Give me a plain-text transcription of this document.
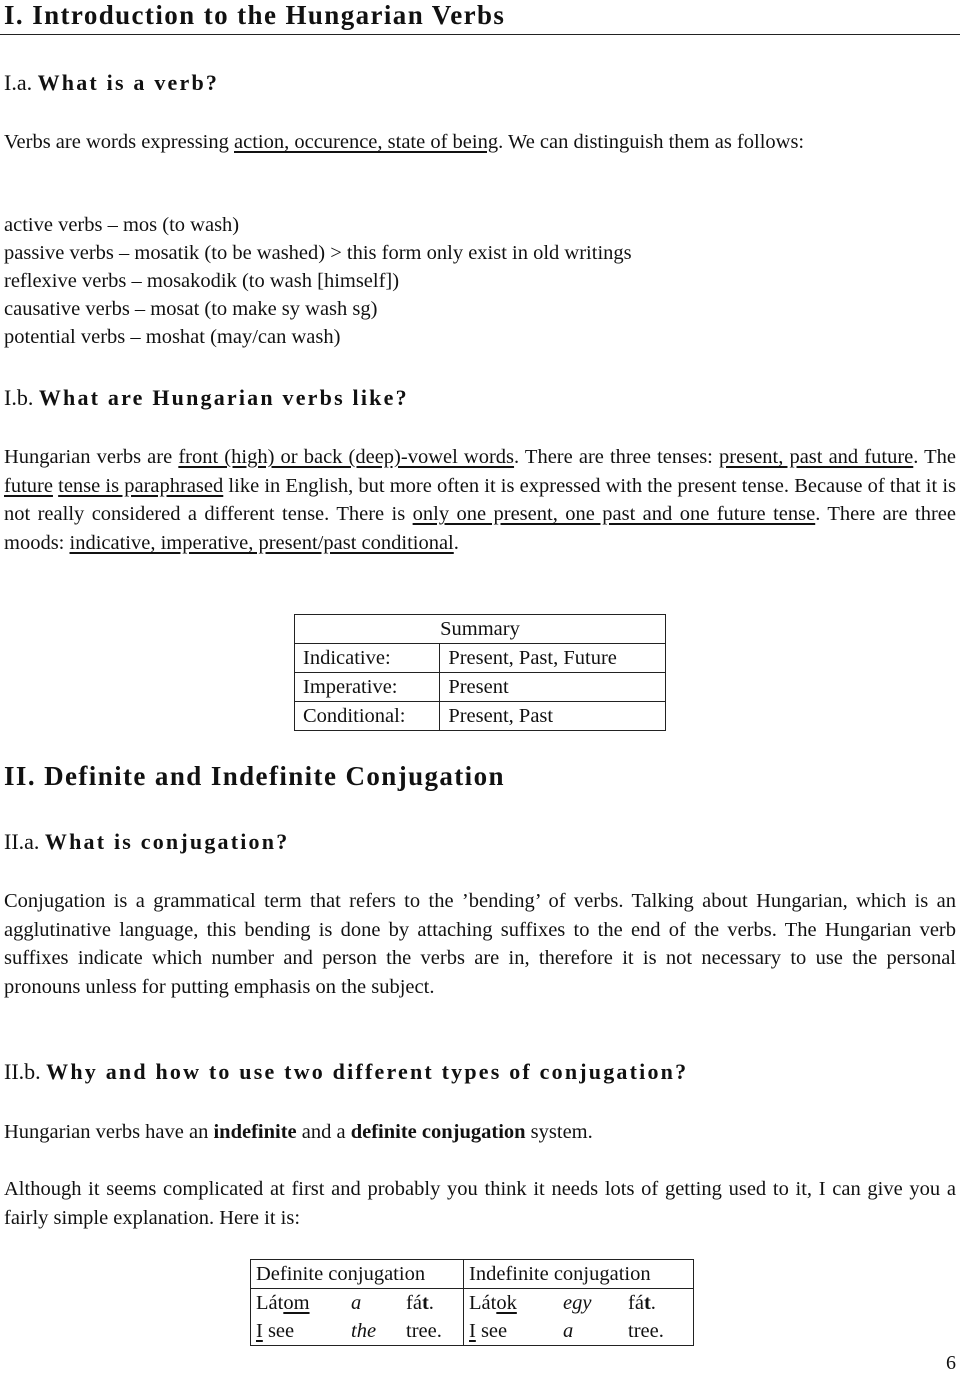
I. Introduction to the Hungarian Verbs
I.a. What is a verb?
Verbs are words expressing action, occurence, state of being. We can distinguish them as follows:
active verbs – mos (to wash)
passive verbs – mosatik (to be washed) > this form only exist in old writings
reflexive verbs – mosakodik (to wash [himself])
causative verbs – mosat (to make sy wash sg)
potential verbs – moshat (may/can wash)
I.b. What are Hungarian verbs like?
Hungarian verbs are front (high) or back (deep)-vowel words. There are three tenses: present, past and future. The future tense is paraphrased like in English, but more often it is expressed with the present tense. Because of that it is not really considered a different tense. There is only one present, one past and one future tense. There are three moods: indicative, imperative, present/past conditional.
Summary	
Indicative:	Present, Past, Future
Imperative:	Present
Conditional:	Present, Past
II. Definite and Indefinite Conjugation
II.a. What is conjugation?
Conjugation is a grammatical term that refers to the ’bending’ of verbs. Talking about Hungarian, which is an agglutinative language, this bending is done by attaching suffixes to the end of the verbs. The Hungarian verb suffixes indicate which number and person the verbs are in, therefore it is not necessary to use the personal pronouns unless for putting emphasis on the subject.
II.b. Why and how to use two different types of conjugation?
Hungarian verbs have an indefinite and a definite conjugation system.
Although it seems complicated at first and probably you think it needs lots of getting used to it, I can give you a fairly simple explanation. Here it is:
Definite conjugation			Indefinite conjugation		
Látom	a	fát.	Látok	egy	fát.
I see	the	tree.	I see	a	tree.
6
